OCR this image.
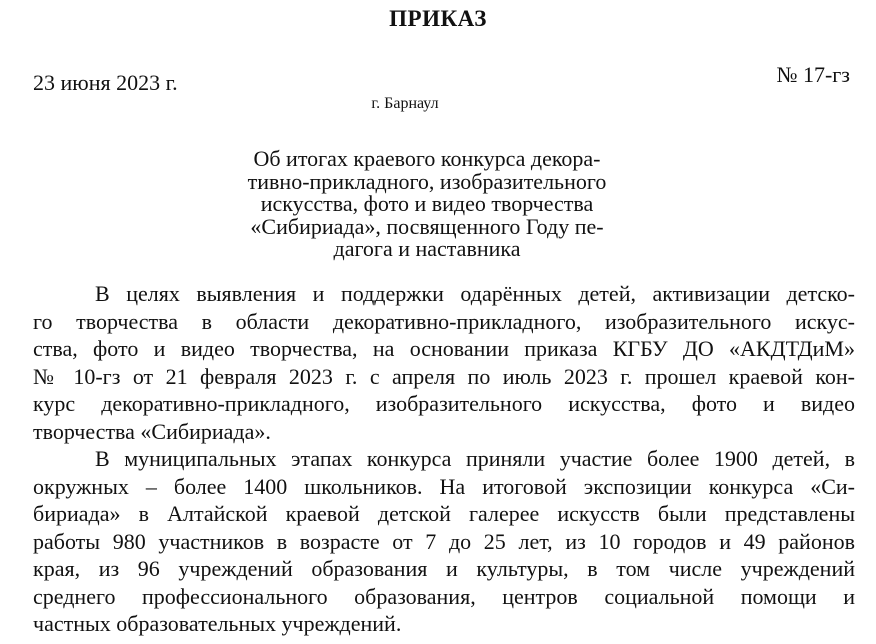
ПРИКАЗ
23 июня 2023 г.	№ 17-гз
г. Барнаул
Об итогах краевого конкурса декора-
тивно-прикладного, изобразительного
искусства, фото и видео творчества
«Сибириада», посвященного Году пе-
дагога и наставника
В целях выявления и поддержки одарённых детей, активизации детско-
го творчества в области декоративно-прикладного, изобразительного искус-
ства, фото и видео творчества, на основании приказа КГБУ ДО «АКДТДиМ»
№ 10-гз от 21 февраля 2023 г. с апреля по июль 2023 г. прошел краевой кон-
курс декоративно-прикладного, изобразительного искусства, фото и видео
творчества «Сибириада».
В муниципальных этапах конкурса приняли участие более 1900 детей, в
окружных – более 1400 школьников. На итоговой экспозиции конкурса «Си-
бириада» в Алтайской краевой детской галерее искусств были представлены
работы 980 участников в возрасте от 7 до 25 лет, из 10 городов и 49 районов
края, из 96 учреждений образования и культуры, в том числе учреждений
среднего профессионального образования, центров социальной помощи и
частных образовательных учреждений.
